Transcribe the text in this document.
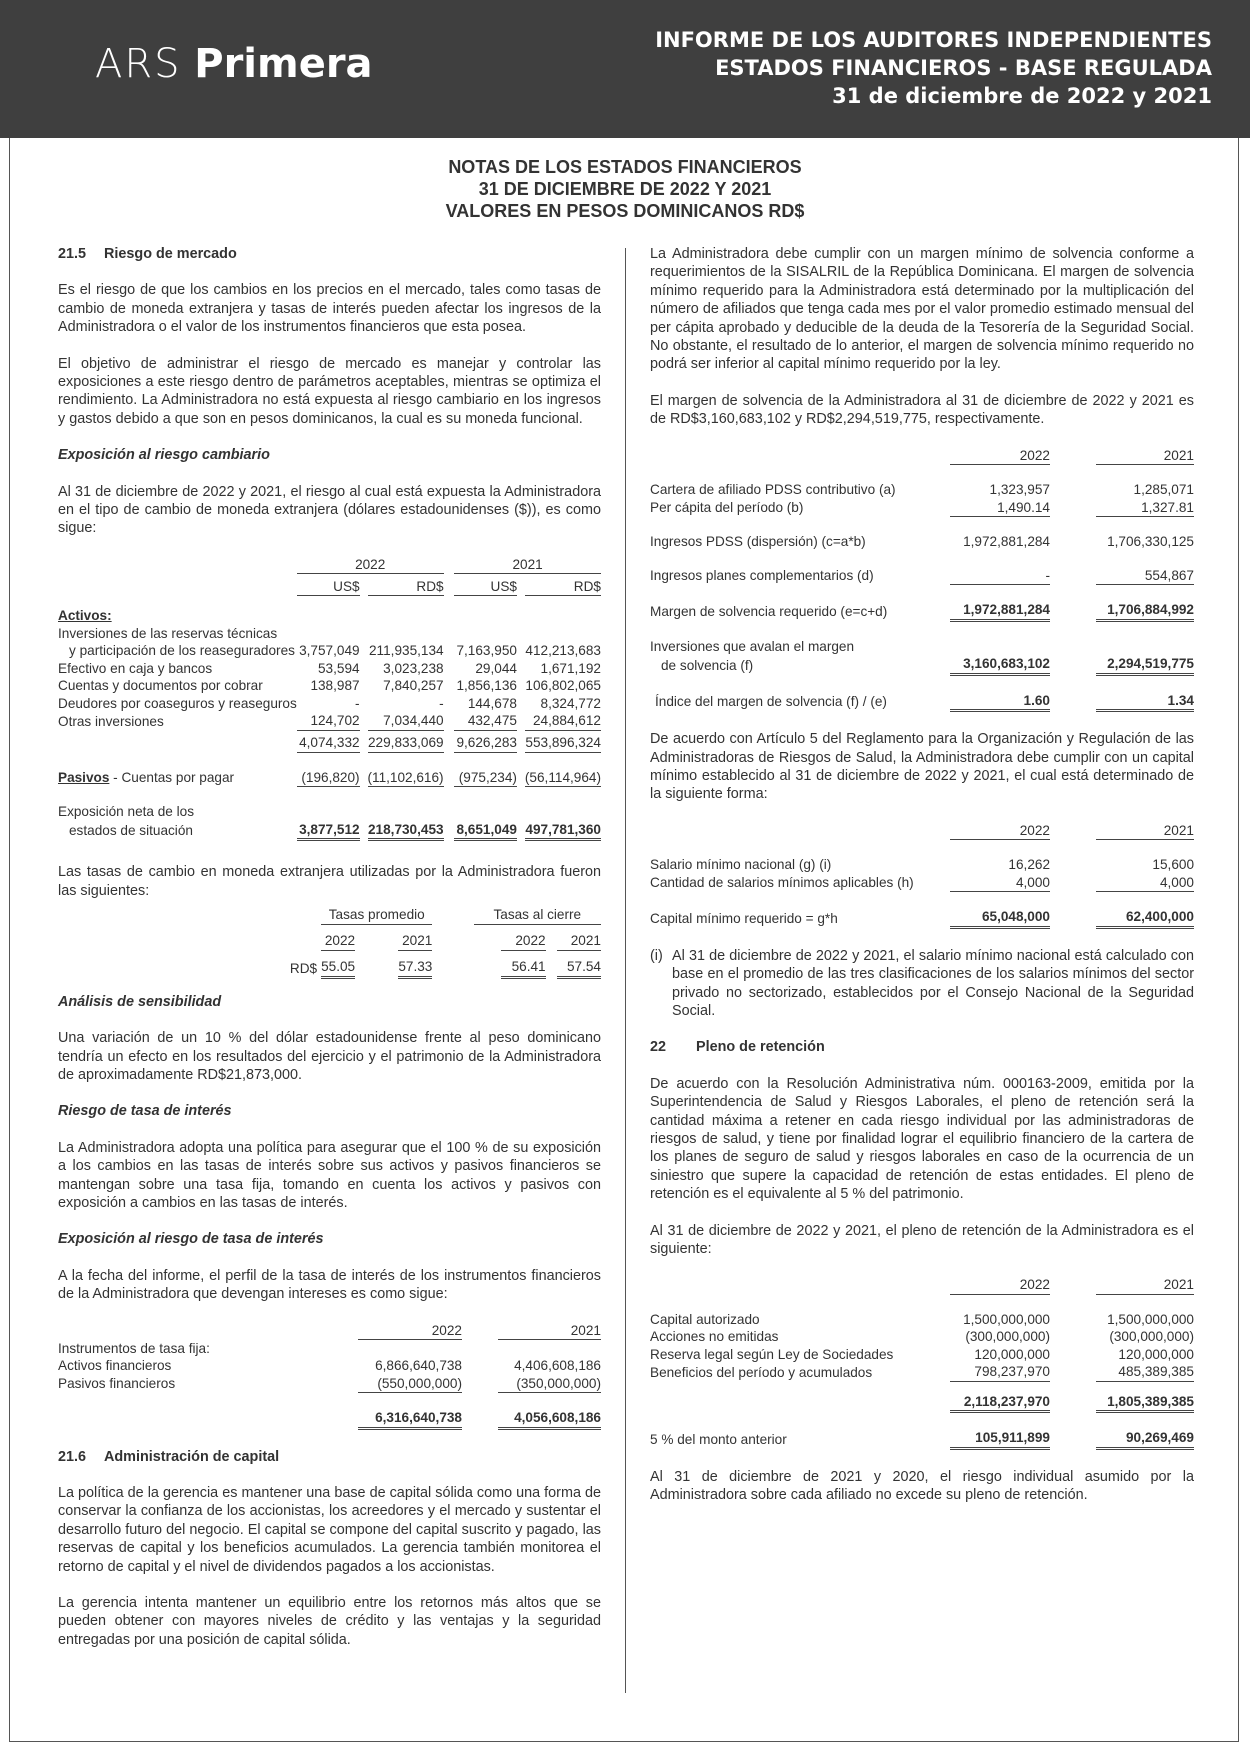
ARS Primera
INFORME DE LOS AUDITORES INDEPENDIENTES
ESTADOS FINANCIEROS - BASE REGULADA
31 de diciembre de 2022 y 2021
NOTAS DE LOS ESTADOS FINANCIEROS
31 DE DICIEMBRE DE 2022 Y 2021
VALORES EN PESOS DOMINICANOS RD$
21.5 Riesgo de mercado

Es el riesgo de que los cambios en los precios en el mercado, tales como tasas de cambio de moneda extranjera y tasas de interés pueden afectar los ingresos de la Administradora o el valor de los instrumentos financieros que esta posea.

El objetivo de administrar el riesgo de mercado es manejar y controlar las exposiciones a este riesgo dentro de parámetros aceptables, mientras se optimiza el rendimiento. La Administradora no está expuesta al riesgo cambiario en los ingresos y gastos debido a que son en pesos dominicanos, la cual es su moneda funcional.

Exposición al riesgo cambiario

Al 31 de diciembre de 2022 y 2021, el riesgo al cual está expuesta la Administradora en el tipo de cambio de moneda extranjera (dólares estadounidenses ($)), es como sigue:

	2022				2021		

	US$		RD$		US$		RD$

Activos:							
Inversiones de las reservas técnicas							
y participación de los reaseguradores	3,757,049		211,935,134		7,163,950		412,213,683
Efectivo en caja y bancos	53,594		3,023,238		29,044		1,671,192
Cuentas y documentos por cobrar	138,987		7,840,257		1,856,136		106,802,065
Deudores por coaseguros y reaseguros	-		-		144,678		8,324,772
Otras inversiones	124,702		7,034,440		432,475		24,884,612

	4,074,332		229,833,069		9,626,283		553,896,324

Pasivos - Cuentas por pagar	(196,820)		(11,102,616)		(975,234)		(56,114,964)

Exposición neta de los							
estados de situación	3,877,512		218,730,453		8,651,049		497,781,360

Las tasas de cambio en moneda extranjera utilizadas por la Administradora fueron las siguientes:

		Tasas promedio				Tasas al cierre			

		2022		2021			2022		2021

	RD$	55.05		57.33			56.41		57.54
Análisis de sensibilidad

Una variación de un 10 % del dólar estadounidense frente al peso dominicano tendría un efecto en los resultados del ejercicio y el patrimonio de la Administradora de aproximadamente RD$21,873,000.

Riesgo de tasa de interés

La Administradora adopta una política para asegurar que el 100 % de su exposición a los cambios en las tasas de interés sobre sus activos y pasivos financieros se mantengan sobre una tasa fija, tomando en cuenta los activos y pasivos con exposición a cambios en las tasas de interés.

Exposición al riesgo de tasa de interés

A la fecha del informe, el perfil de la tasa de interés de los instrumentos financieros de la Administradora que devengan intereses es como sigue:

	2022		2021
Instrumentos de tasa fija:			
Activos financieros	6,866,640,738		4,406,608,186
Pasivos financieros	(550,000,000)		(350,000,000)

	6,316,640,738		4,056,608,186
21.6 Administración de capital

La política de la gerencia es mantener una base de capital sólida como una forma de conservar la confianza de los accionistas, los acreedores y el mercado y sustentar el desarrollo futuro del negocio. El capital se compone del capital suscrito y pagado, las reservas de capital y los beneficios acumulados. La gerencia también monitorea el retorno de capital y el nivel de dividendos pagados a los accionistas.

La gerencia intenta mantener un equilibrio entre los retornos más altos que se pueden obtener con mayores niveles de crédito y las ventajas y la seguridad entregadas por una posición de capital sólida.

La Administradora debe cumplir con un margen mínimo de solvencia conforme a requerimientos de la SISALRIL de la República Dominicana. El margen de solvencia mínimo requerido para la Administradora está determinado por la multiplicación del número de afiliados que tenga cada mes por el valor promedio estimado mensual del per cápita aprobado y deducible de la deuda de la Tesorería de la Seguridad Social. No obstante, el resultado de lo anterior, el margen de solvencia mínimo requerido no podrá ser inferior al capital mínimo requerido por la ley.

El margen de solvencia de la Administradora al 31 de diciembre de 2022 y 2021 es de RD$3,160,683,102 y RD$2,294,519,775, respectivamente.

	2022		2021

Cartera de afiliado PDSS contributivo (a)	1,323,957		1,285,071
Per cápita del período (b)	1,490.14		1,327.81

Ingresos PDSS (dispersión) (c=a*b)	1,972,881,284		1,706,330,125

Ingresos planes complementarios (d)	-		554,867

Margen de solvencia requerido (e=c+d)	1,972,881,284		1,706,884,992

Inversiones que avalan el margen			
de solvencia (f)	3,160,683,102		2,294,519,775

Índice del margen de solvencia (f) / (e)	1.60		1.34

De acuerdo con Artículo 5 del Reglamento para la Organización y Regulación de las Administradoras de Riesgos de Salud, la Administradora debe cumplir con un capital mínimo establecido al 31 de diciembre de 2022 y 2021, el cual está determinado de la siguiente forma:

	2022		2021

Salario mínimo nacional (g) (i)	16,262		15,600
Cantidad de salarios mínimos aplicables (h)	4,000		4,000

Capital mínimo requerido = g*h	65,048,000		62,400,000
(i) Al 31 de diciembre de 2022 y 2021, el salario mínimo nacional está calculado con base en el promedio de las tres clasificaciones de los salarios mínimos del sector privado no sectorizado, establecidos por el Consejo Nacional de la Seguridad Social.
22 Pleno de retención

De acuerdo con la Resolución Administrativa núm. 000163-2009, emitida por la Superintendencia de Salud y Riesgos Laborales, el pleno de retención será la cantidad máxima a retener en cada riesgo individual por las administradoras de riesgos de salud, y tiene por finalidad lograr el equilibrio financiero de la cartera de los planes de seguro de salud y riesgos laborales en caso de la ocurrencia de un siniestro que supere la capacidad de retención de estas entidades. El pleno de retención es el equivalente al 5 % del patrimonio.

Al 31 de diciembre de 2022 y 2021, el pleno de retención de la Administradora es el siguiente:

	2022		2021

Capital autorizado	1,500,000,000		1,500,000,000
Acciones no emitidas	(300,000,000)		(300,000,000)
Reserva legal según Ley de Sociedades	120,000,000		120,000,000
Beneficios del período y acumulados	798,237,970		485,389,385

	2,118,237,970		1,805,389,385

5 % del monto anterior	105,911,899		90,269,469

Al 31 de diciembre de 2021 y 2020, el riesgo individual asumido por la Administradora sobre cada afiliado no excede su pleno de retención.
